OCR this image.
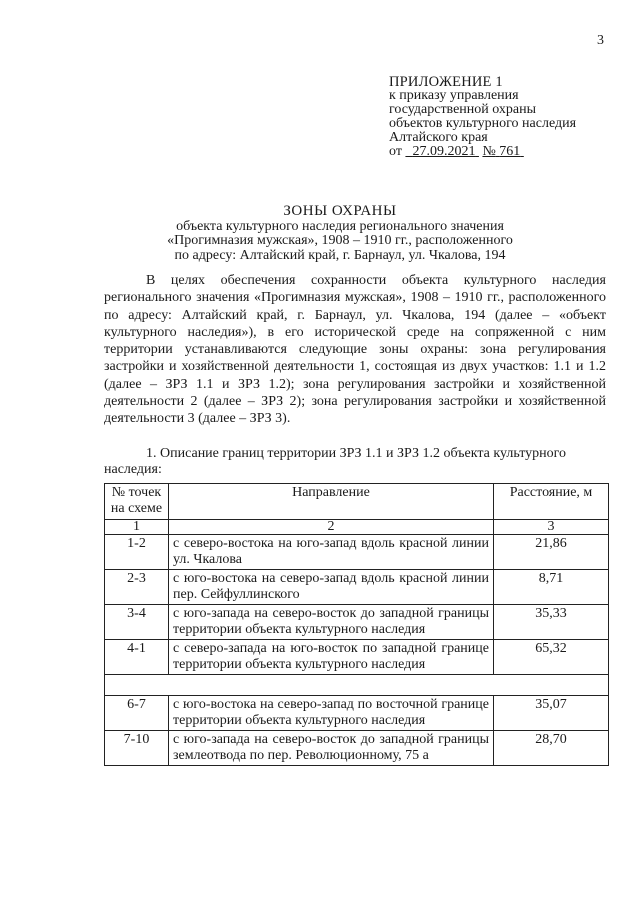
3
ПРИЛОЖЕНИЕ 1
к приказу управления
государственной охраны
объектов культурного наследия
Алтайского края
от 27.09.2021 № 761
ЗОНЫ ОХРАНЫ
объекта культурного наследия регионального значения
«Прогимназия мужская», 1908 – 1910 гг., расположенного
по адресу: Алтайский край, г. Барнаул, ул. Чкалова, 194
В целях обеспечения сохранности объекта культурного наследия регионального значения «Прогимназия мужская», 1908 – 1910 гг., расположенного по адресу: Алтайский край, г. Барнаул, ул. Чкалова, 194 (далее – «объект культурного наследия»), в его исторической среде на сопряженной с ним территории устанавливаются следующие зоны охраны: зона регулирования застройки и хозяйственной деятельности 1, состоящая из двух участков: 1.1 и 1.2 (далее – ЗРЗ 1.1 и ЗРЗ 1.2); зона регулирования застройки и хозяйственной деятельности 2 (далее – ЗРЗ 2); зона регулирования застройки и хозяйственной деятельности 3 (далее – ЗРЗ 3).
1. Описание границ территории ЗРЗ 1.1 и ЗРЗ 1.2 объекта культурного наследия:
№ точек на схеме	Направление	Расстояние, м
1	2	3
1-2	с северо-востока на юго-запад вдоль красной линии ул. Чкалова	21,86
2-3	с юго-востока на северо-запад вдоль красной линии пер. Сейфуллинского	8,71
3-4	с юго-запада на северо-восток до западной границы территории объекта культурного наследия	35,33
4-1	с северо-запада на юго-восток по западной границе территории объекта культурного наследия	65,32

6-7	с юго-востока на северо-запад по восточной границе территории объекта культурного наследия	35,07
7-10	с юго-запада на северо-восток до западной границы землеотвода по пер. Революционному, 75 а	28,70
